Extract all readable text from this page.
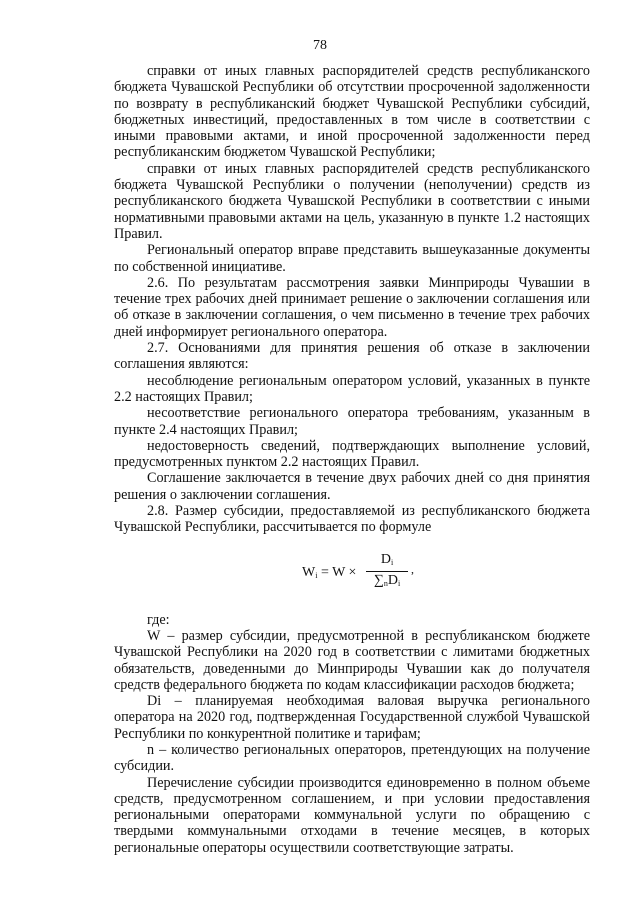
78

справки от иных главных распорядителей средств республиканского бюджета Чувашской Республики об отсутствии просроченной задолженности по возврату в республиканский бюджет Чувашской Республики субсидий, бюджетных инвестиций, предоставленных в том числе в соответствии с иными правовыми актами, и иной просроченной задолженности перед республиканским бюджетом Чувашской Республики;

справки от иных главных распорядителей средств республиканского бюджета Чувашской Республики о получении (неполучении) средств из республиканского бюджета Чувашской Республики в соответствии с иными нормативными правовыми актами на цель, указанную в пункте 1.2 настоящих Правил.

Региональный оператор вправе представить вышеуказанные документы по собственной инициативе.

2.6. По результатам рассмотрения заявки Минприроды Чувашии в течение трех рабочих дней принимает решение о заключении соглашения или об отказе в заключении соглашения, о чем письменно в течение трех рабочих дней информирует регионального оператора.

2.7. Основаниями для принятия решения об отказе в заключении соглашения являются:

несоблюдение региональным оператором условий, указанных в пункте 2.2 настоящих Правил;

несоответствие регионального оператора требованиям, указанным в пункте 2.4 настоящих Правил;

недостоверность сведений, подтверждающих выполнение условий, предусмотренных пунктом 2.2 настоящих Правил.

Соглашение заключается в течение двух рабочих дней со дня принятия решения о заключении соглашения.

2.8. Размер субсидии, предоставляемой из республиканского бюджета Чувашской Республики, рассчитывается по формуле

$W_i = W$ ×
$D_i$
$\sum_nD_i$
,

где:

W – размер субсидии, предусмотренной в республиканском бюджете Чувашской Республики на 2020 год в соответствии с лимитами бюджетных обязательств, доведенными до Минприроды Чувашии как до получателя средств федерального бюджета по кодам классификации расходов бюджета;

Di – планируемая необходимая валовая выручка регионального оператора на 2020 год, подтвержденная Государственной службой Чувашской Республики по конкурентной политике и тарифам;

n – количество региональных операторов, претендующих на получение субсидии.

Перечисление субсидии производится единовременно в полном объеме средств, предусмотренном соглашением, и при условии предоставления региональными операторами коммунальной услуги по обращению с твердыми коммунальными отходами в течение месяцев, в которых региональные операторы осуществили соответствующие затраты.
